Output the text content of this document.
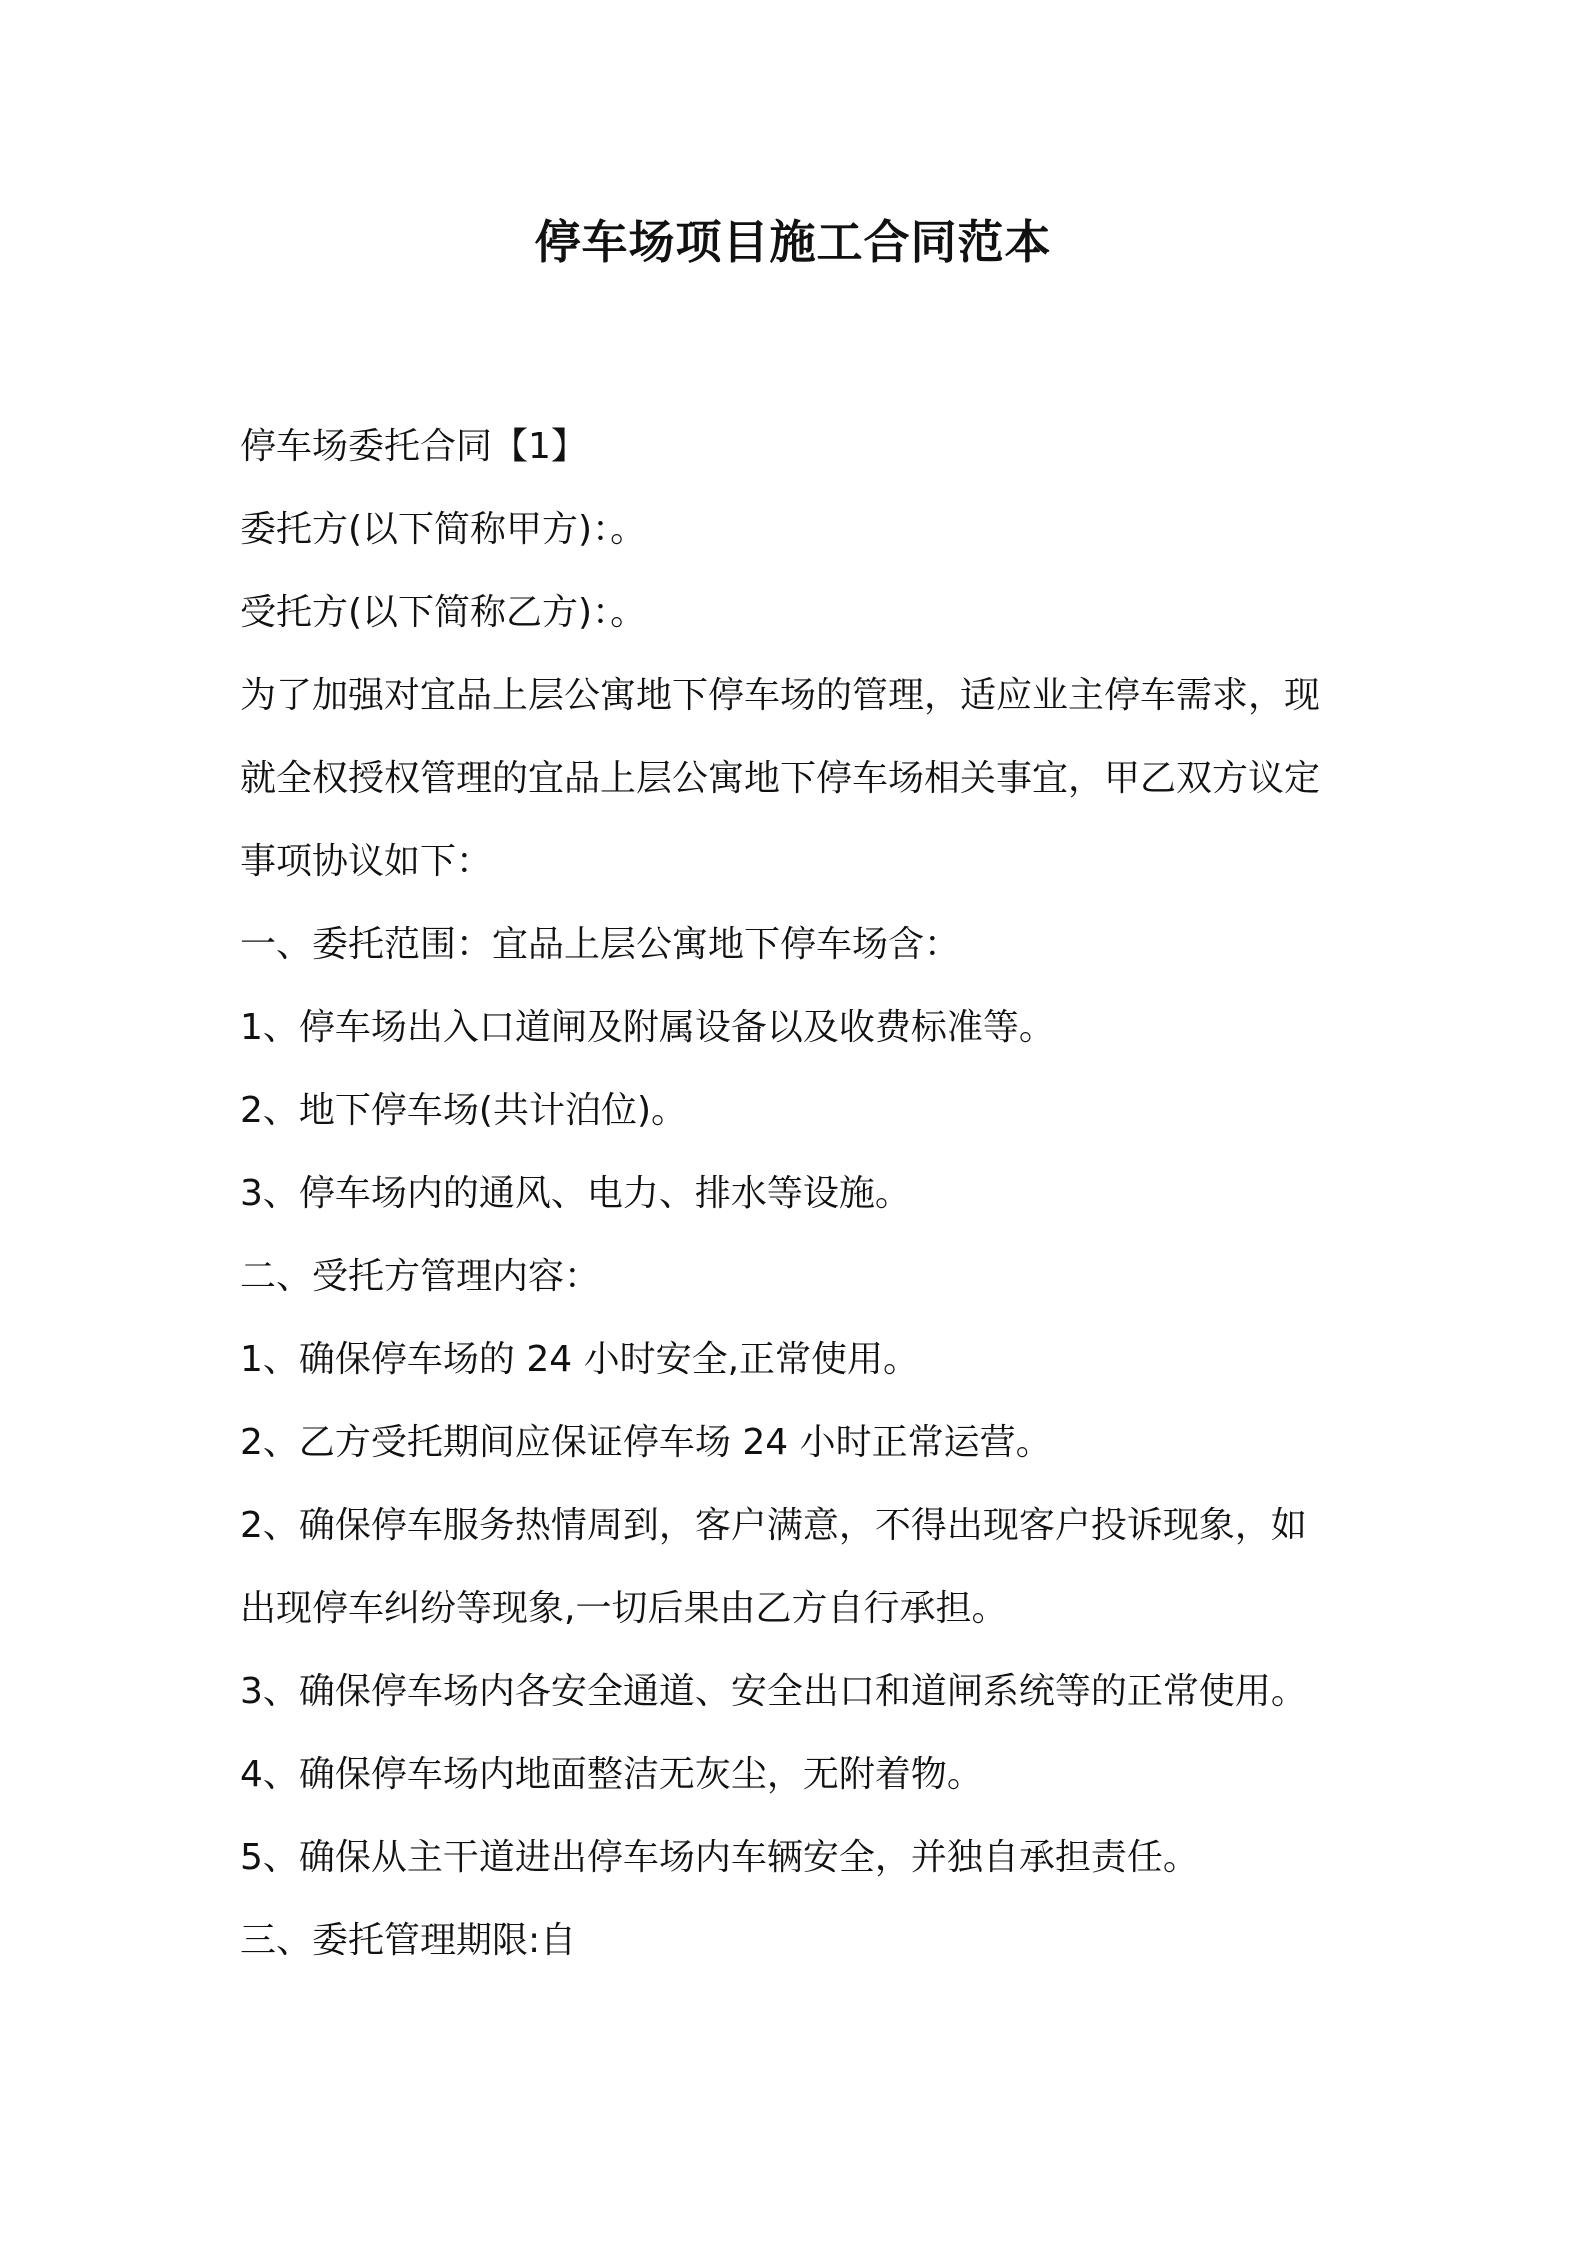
停车场项目施工合同范本

停车场委托合同【1】

委托方(以下简称甲方)：。

受托方(以下简称乙方)：。

为了加强对宜品上层公寓地下停车场的管理，适应业主停车需求，现

就全权授权管理的宜品上层公寓地下停车场相关事宜，甲乙双方议定

事项协议如下：

一、委托范围：宜品上层公寓地下停车场含：

1、停车场出入口道闸及附属设备以及收费标准等。

2、地下停车场(共计泊位)。

3、停车场内的通风、电力、排水等设施。

二、受托方管理内容：

1、确保停车场的 24 小时安全,正常使用。

2、乙方受托期间应保证停车场 24 小时正常运营。

2、确保停车服务热情周到，客户满意，不得出现客户投诉现象，如

出现停车纠纷等现象,一切后果由乙方自行承担。

3、确保停车场内各安全通道、安全出口和道闸系统等的正常使用。

4、确保停车场内地面整洁无灰尘，无附着物。

5、确保从主干道进出停车场内车辆安全，并独自承担责任。

三、委托管理期限:自
